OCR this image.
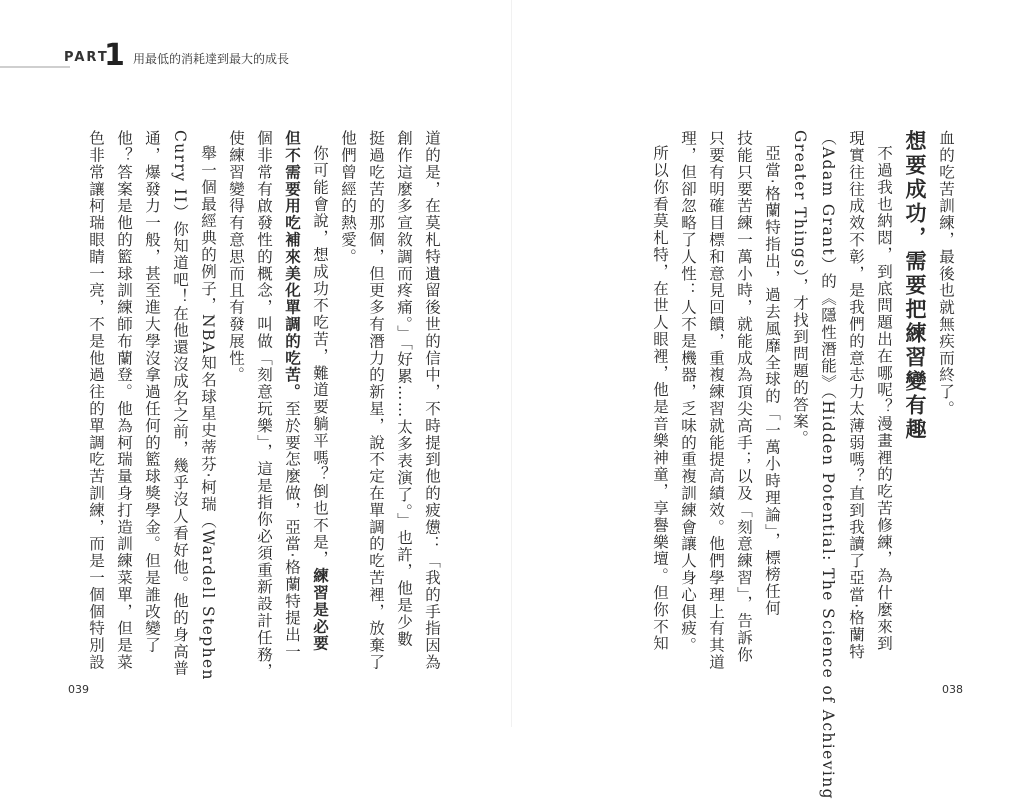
PART
1 用最低的消耗達到最大的成長
血的吃苦訓練，最後也就無疾而終了。
想要成功，需要把練習變有趣
不過我也納悶，到底問題出在哪呢？漫畫裡的吃苦修練，為什麼來到
現實往往成效不彰，是我們的意志力太薄弱嗎？直到我讀了亞當‧格蘭特
（Adam Grant）的《隱性潛能》（Hidden Potential: The Science of Achieving
Greater Things），才找到問題的答案。
亞當‧格蘭特指出，過去風靡全球的「一萬小時理論」，標榜任何
技能只要苦練一萬小時，就能成為頂尖高手；以及「刻意練習」，告訴你
只要有明確目標和意見回饋，重複練習就能提高績效。他們學理上有其道
理，但卻忽略了人性：人不是機器，乏味的重複訓練會讓人身心俱疲。
所以你看莫札特，在世人眼裡，他是音樂神童，享譽樂壇。但你不知
道的是，在莫札特遺留後世的信中，不時提到他的疲憊：「我的手指因為
創作這麼多宣敘調而疼痛。」「好累……太多表演了。」也許，他是少數
挺過吃苦的那個，但更多有潛力的新星，說不定在單調的吃苦裡，放棄了
他們曾經的熱愛。
你可能會說，想成功不吃苦，難道要躺平嗎？倒也不是，練習是必要
但不需要用吃補來美化單調的吃苦。至於要怎麼做，亞當‧格蘭特提出一
個非常有啟發性的概念，叫做「刻意玩樂」，這是指你必須重新設計任務，
使練習變得有意思而且有發展性。
舉一個最經典的例子，NBA知名球星史蒂芬‧柯瑞（Wardell Stephen
Curry II）你知道吧！在他還沒成名之前，幾乎沒人看好他。他的身高普
通，爆發力一般，甚至進大學沒拿過任何的籃球獎學金。但是誰改變了
他？答案是他的籃球訓練師布蘭登。他為柯瑞量身打造訓練菜單，但是菜
色非常讓柯瑞眼睛一亮，不是他過往的單調吃苦訓練，而是一個個特別設
039	038
